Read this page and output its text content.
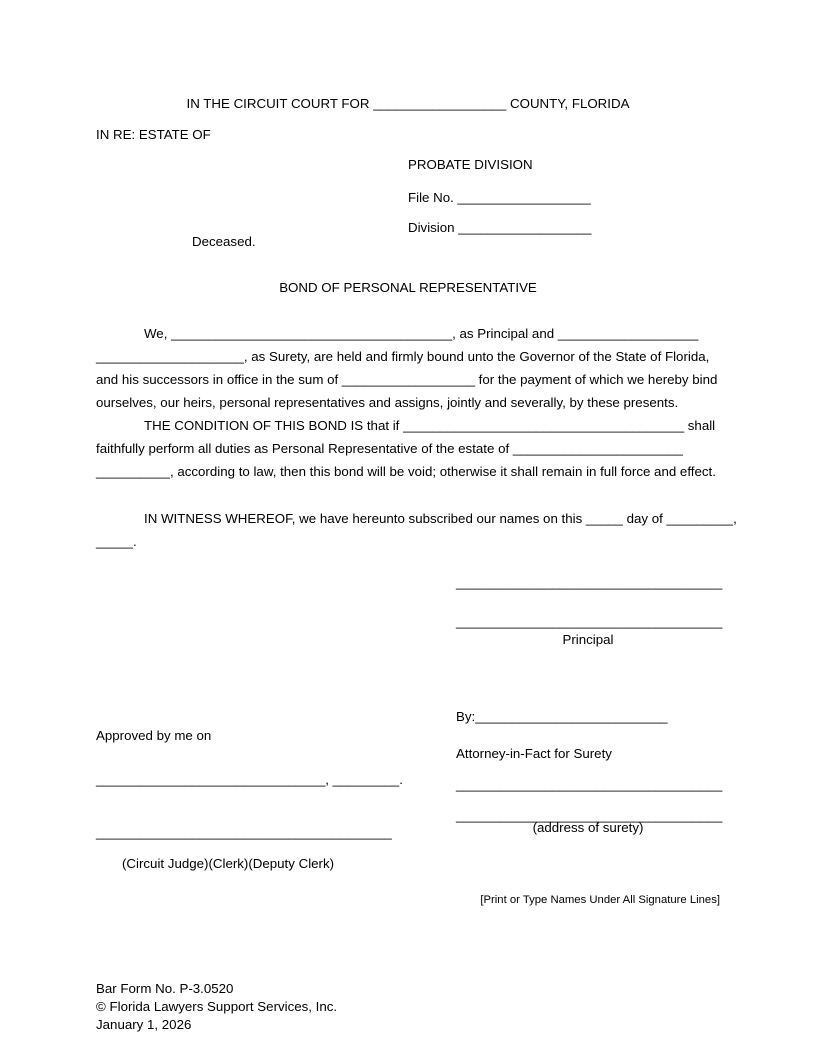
IN THE CIRCUIT COURT FOR __________________ COUNTY, FLORIDA
IN RE: ESTATE OF
PROBATE DIVISION
File No. __________________
Division __________________
Deceased.
BOND OF PERSONAL REPRESENTATIVE
We, ______________________________________, as Principal and ___________________
____________________, as Surety, are held and firmly bound unto the Governor of the State of Florida,
and his successors in office in the sum of __________________ for the payment of which we hereby bind
ourselves, our heirs, personal representatives and assigns, jointly and severally, by these presents.
THE CONDITION OF THIS BOND IS that if ______________________________________ shall
faithfully perform all duties as Personal Representative of the estate of _______________________
__________, according to law, then this bond will be void; otherwise it shall remain in full force and effect.
IN WITNESS WHEREOF, we have hereunto subscribed our names on this _____ day of _________,
_____.
____________________________________
____________________________________
Principal
By:__________________________
Approved by me on
Attorney-in-Fact for Surety
_______________________________, _________.	____________________________________
____________________________________
(address of surety)
________________________________________
(Circuit Judge)(Clerk)(Deputy Clerk)
[Print or Type Names Under All Signature Lines]
Bar Form No. P-3.0520
© Florida Lawyers Support Services, Inc.
January 1, 2026
